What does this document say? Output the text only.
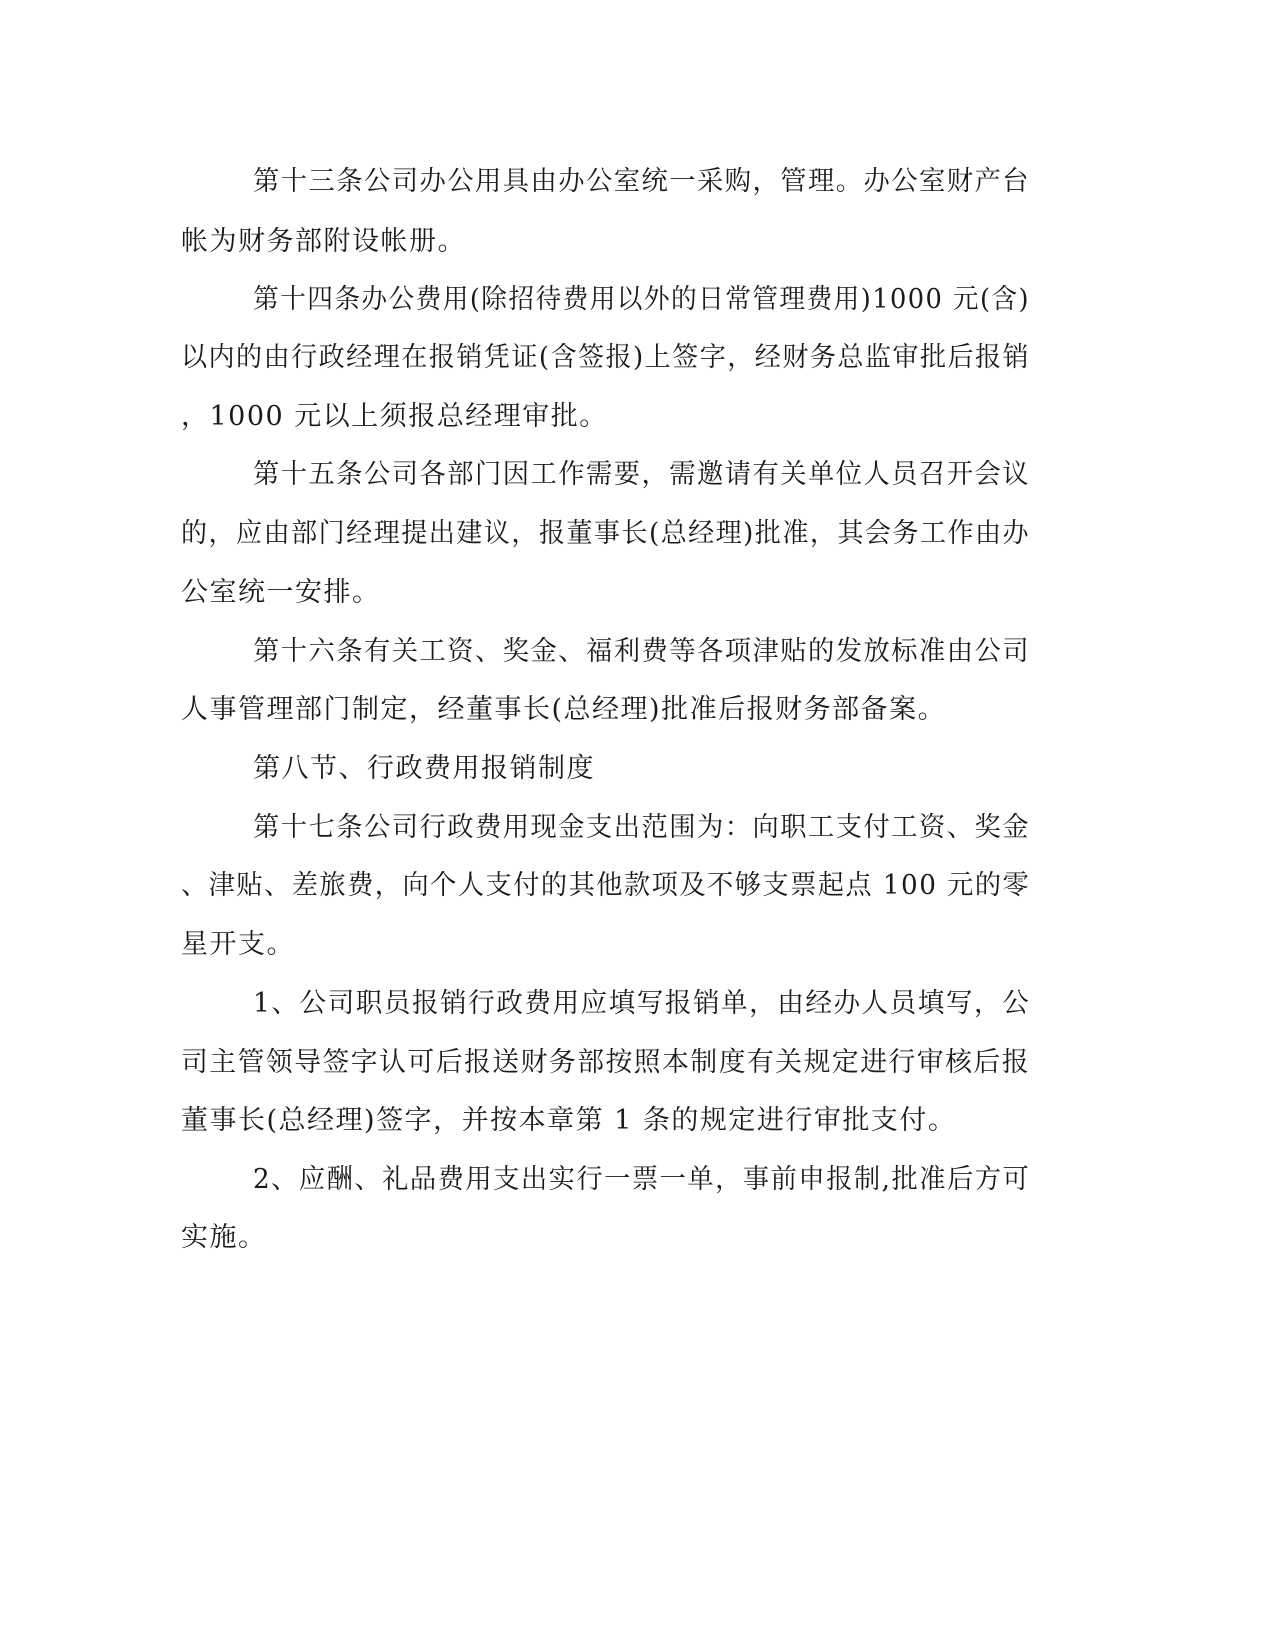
第十三条公司办公用具由办公室统一采购，管理。办公室财产台

帐为财务部附设帐册。

第十四条办公费用(除招待费用以外的日常管理费用)1000 元(含)

以内的由行政经理在报销凭证(含签报)上签字，经财务总监审批后报销

，1000 元以上须报总经理审批。

第十五条公司各部门因工作需要，需邀请有关单位人员召开会议

的，应由部门经理提出建议，报董事长(总经理)批准，其会务工作由办

公室统一安排。

第十六条有关工资、奖金、福利费等各项津贴的发放标准由公司

人事管理部门制定，经董事长(总经理)批准后报财务部备案。

第八节、行政费用报销制度

第十七条公司行政费用现金支出范围为：向职工支付工资、奖金

、津贴、差旅费，向个人支付的其他款项及不够支票起点 100 元的零

星开支。

1、公司职员报销行政费用应填写报销单，由经办人员填写，公

司主管领导签字认可后报送财务部按照本制度有关规定进行审核后报

董事长(总经理)签字，并按本章第 1 条的规定进行审批支付。

2、应酬、礼品费用支出实行一票一单，事前申报制,批准后方可

实施。
